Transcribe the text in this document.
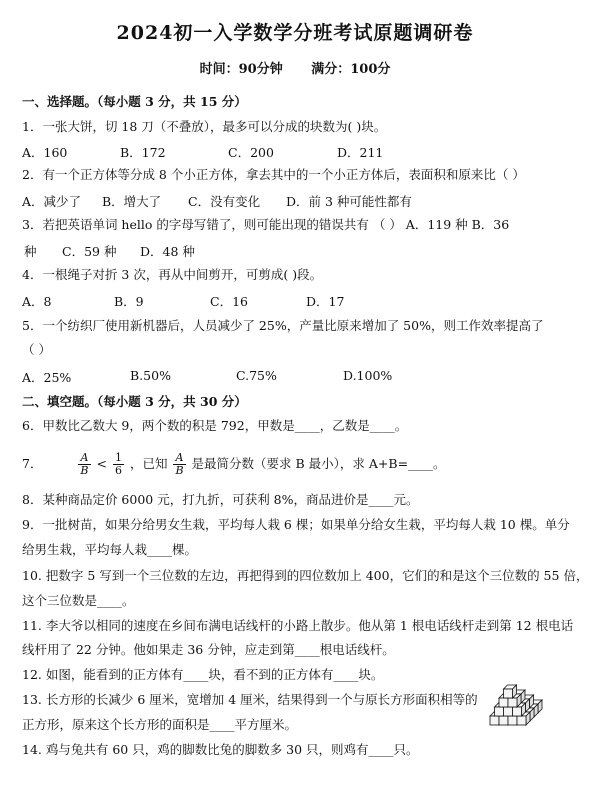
2024初一入学数学分班考试原题调研卷
时间：90分钟 满分：100分
一、选择题。（每小题 3 分，共 15 分）
1．一张大饼，切 18 刀（不叠放），最多可以分成的块数为( )块。
A．160	B．172	C．200	D．211
2．有一个正方体等分成 8 个小正方体，拿去其中的一个小正方体后，表面积和原来比（ ）
A．减少了 B．增大了 C．没有变化 D．前 3 种可能性都有
3．若把英语单词 hello 的字母写错了，则可能出现的错误共有 （ ） A．119 种 B．36
种 C．59 种 D．48 种
4．一根绳子对折 3 次，再从中间剪开，可剪成( )段。
A．8	B．9	C．16	D．17
5．一个纺织厂使用新机器后，人员减少了 25%，产量比原来增加了 50%，则工作效率提高了
（ ）
A．25%	B.50%	C.75%	D.100%
二、填空题。（每小题 3 分，共 30 分）
6．甲数比乙数大 9，两个数的积是 792，甲数是____，乙数是____。
7．	$\frac{A}{B} < \frac{1}{6}$ ，已知 $\frac{A}{B}$ 是最简分数（要求 B 最小），求 A+B=____。
8．某种商品定价 6000 元，打九折，可获利 8%，商品进价是____元。
9．一批树苗，如果分给男女生栽，平均每人栽 6 棵；如果单分给女生栽，平均每人栽 10 棵。单分
给男生栽，平均每人栽____棵。
10. 把数字 5 写到一个三位数的左边，再把得到的四位数加上 400，它们的和是这个三位数的 55 倍，
这个三位数是____。
11. 李大爷以相同的速度在乡间布满电话线杆的小路上散步。他从第 1 根电话线杆走到第 12 根电话
线杆用了 22 分钟。他如果走 36 分钟，应走到第____根电话线杆。
12. 如图，能看到的正方体有____块，看不到的正方体有____块。
13. 长方形的长减少 6 厘米，宽增加 4 厘米，结果得到一个与原长方形面积相等的
正方形，原来这个长方形的面积是____平方厘米。
14. 鸡与兔共有 60 只，鸡的脚数比兔的脚数多 30 只，则鸡有____只。
